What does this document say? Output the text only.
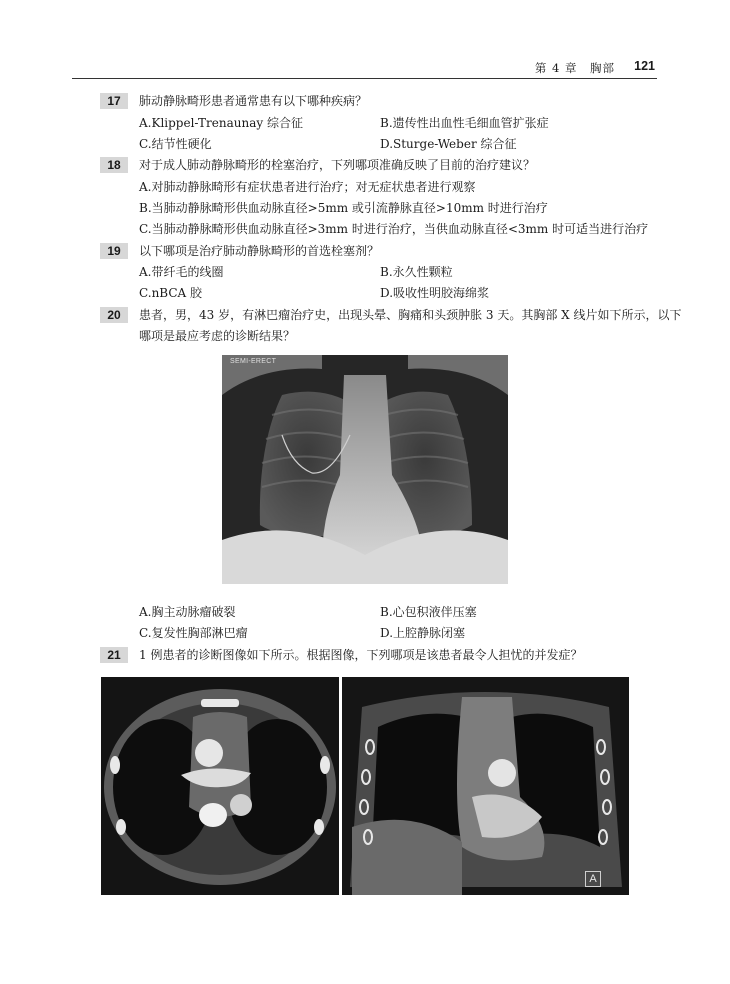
第 4 章　胸部 121
17	肺动静脉畸形患者通常患有以下哪种疾病？
A.Klippel-Trenaunay 综合征	B.遗传性出血性毛细血管扩张症
C.结节性硬化	D.Sturge-Weber 综合征
18	对于成人肺动静脉畸形的栓塞治疗，下列哪项准确反映了目前的治疗建议？
A.对肺动静脉畸形有症状患者进行治疗；对无症状患者进行观察
B.当肺动静脉畸形供血动脉直径>5mm 或引流静脉直径>10mm 时进行治疗
C.当肺动静脉畸形供血动脉直径>3mm 时进行治疗，当供血动脉直径<3mm 时可适当进行治疗
19	以下哪项是治疗肺动静脉畸形的首选栓塞剂？
A.带纤毛的线圈	B.永久性颗粒
C.nBCA 胶	D.吸收性明胶海绵浆
20	患者，男，43 岁，有淋巴瘤治疗史，出现头晕、胸痛和头颈肿胀 3 天。其胸部 X 线片如下所示，以下
哪项是最应考虑的诊断结果？
SEMI-ERECT
A.胸主动脉瘤破裂	B.心包积液伴压塞
C.复发性胸部淋巴瘤	D.上腔静脉闭塞
21	1 例患者的诊断图像如下所示。根据图像，下列哪项是该患者最令人担忧的并发症？
A
